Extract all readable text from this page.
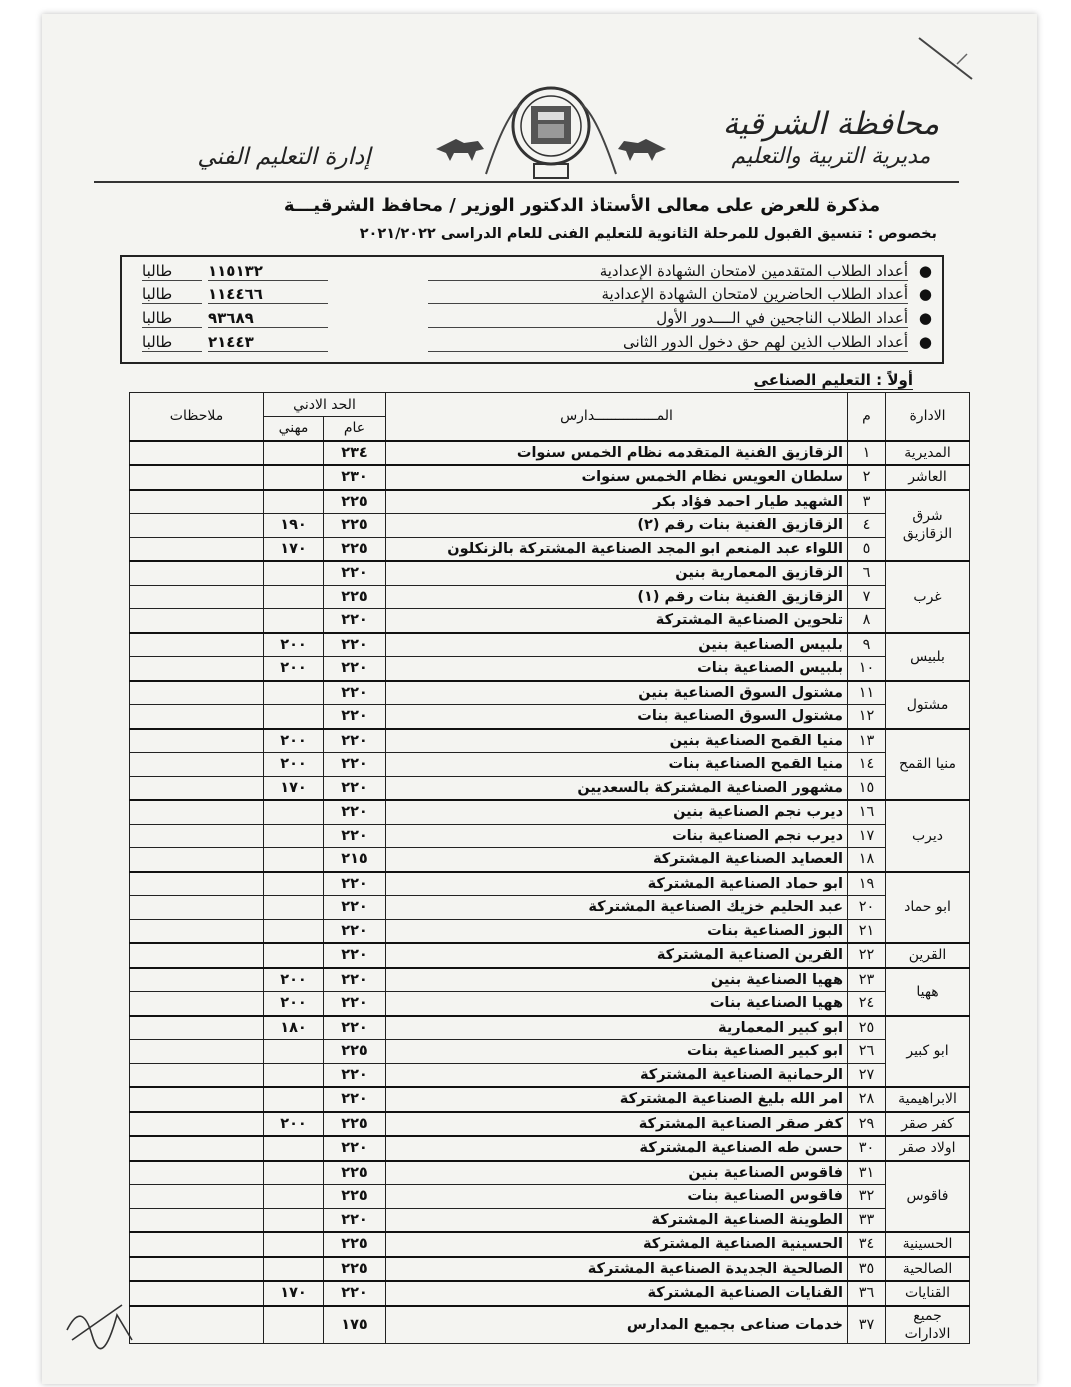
محافظة الشرقية
مديرية التربية والتعليم
إدارة التعليم الفني
مذكرة للعرض على معالى الأستاذ الدكتور الوزير / محافظ الشرقيـــة
بخصوص : تنسيق القبول للمرحلة الثانوية للتعليم الفنى للعام الدراسى ٢٠٢١/٢٠٢٢
●
أعداد الطلاب المتقدمين لامتحان الشهادة الإعدادية
١١٥١٣٢
طالبا
●
أعداد الطلاب الحاضرين لامتحان الشهادة الإعدادية
١١٤٤٦٦
طالبا
●
أعداد الطلاب الناجحين في الــــدور الأول
٩٣٦٨٩
طالبا
●
أعداد الطلاب الذين لهم حق دخول الدور الثانى
٢١٤٤٣
طالبا
أولاً : التعليم الصناعى
الادارة	م	المـــــــــــــــدارس	الحد الادني		ملاحظات
			عام	مهني	
المديرية	١	الزقازيق الفنية المتقدمه نظام الخمس سنوات	٢٣٤		
العاشر	٢	سلطان العويس نظام الخمس سنوات	٢٣٠		
شرق الزقازيق	٣	الشهيد طيار احمد فؤاد بكر	٢٢٥		
	٤	الزقازيق الفنية بنات رقم (٢)	٢٢٥	١٩٠	
	٥	اللواء عبد المنعم ابو المجد الصناعية المشتركة بالزنكلون	٢٢٥	١٧٠	
غرب	٦	الزقازيق المعمارية بنين	٢٢٠		
	٧	الزقازيق الفنية بنات رقم (١)	٢٢٥		
	٨	تلحوين الصناعية المشتركة	٢٢٠		
بلبيس	٩	بلبيس الصناعية بنين	٢٢٠	٢٠٠	
	١٠	بلبيس الصناعية بنات	٢٢٠	٢٠٠	
مشتول	١١	مشتول السوق الصناعية بنين	٢٢٠		
	١٢	مشتول السوق الصناعية بنات	٢٢٠		
منيا القمح	١٣	منيا القمح الصناعية بنين	٢٢٠	٢٠٠	
	١٤	منيا القمح الصناعية بنات	٢٢٠	٢٠٠	
	١٥	مشهور الصناعية المشتركة بالسعديين	٢٢٠	١٧٠	
ديرب	١٦	ديرب نجم الصناعية بنين	٢٢٠		
	١٧	ديرب نجم الصناعية بنات	٢٢٠		
	١٨	العصايد الصناعية المشتركة	٢١٥		
ابو حماد	١٩	ابو حماد الصناعية المشتركة	٢٢٠		
	٢٠	عبد الحليم خزيك الصناعية المشتركة	٢٢٠		
	٢١	البوز الصناعية بنات	٢٢٠		
القرين	٢٢	القرين الصناعية المشتركة	٢٢٠		
ههيا	٢٣	ههيا الصناعية بنين	٢٢٠	٢٠٠	
	٢٤	ههيا الصناعية بنات	٢٢٠	٢٠٠	
ابو كبير	٢٥	ابو كبير المعمارية	٢٢٠	١٨٠	
	٢٦	ابو كبير الصناعية بنات	٢٢٥		
	٢٧	الرحمانية الصناعية المشتركة	٢٢٠		
الابراهيمية	٢٨	امر الله بليغ الصناعية المشتركة	٢٢٠		
كفر صقر	٢٩	كفر صقر الصناعية المشتركة	٢٢٥	٢٠٠	
اولاد صقر	٣٠	حسن طه الصناعية المشتركة	٢٢٠		
فاقوس	٣١	فاقوس الصناعية بنين	٢٢٥		
	٣٢	فاقوس الصناعية بنات	٢٢٥		
	٣٣	الطوينة الصناعية المشتركة	٢٢٠		
الحسينية	٣٤	الحسينية الصناعية المشتركة	٢٢٥		
الصالحية	٣٥	الصالحية الجديدة الصناعية المشتركة	٢٢٥		
القنايات	٣٦	القنايات الصناعية المشتركة	٢٢٠	١٧٠	
جميع الادارات	٣٧	خدمات صناعى بجميع المدارس	١٧٥		
